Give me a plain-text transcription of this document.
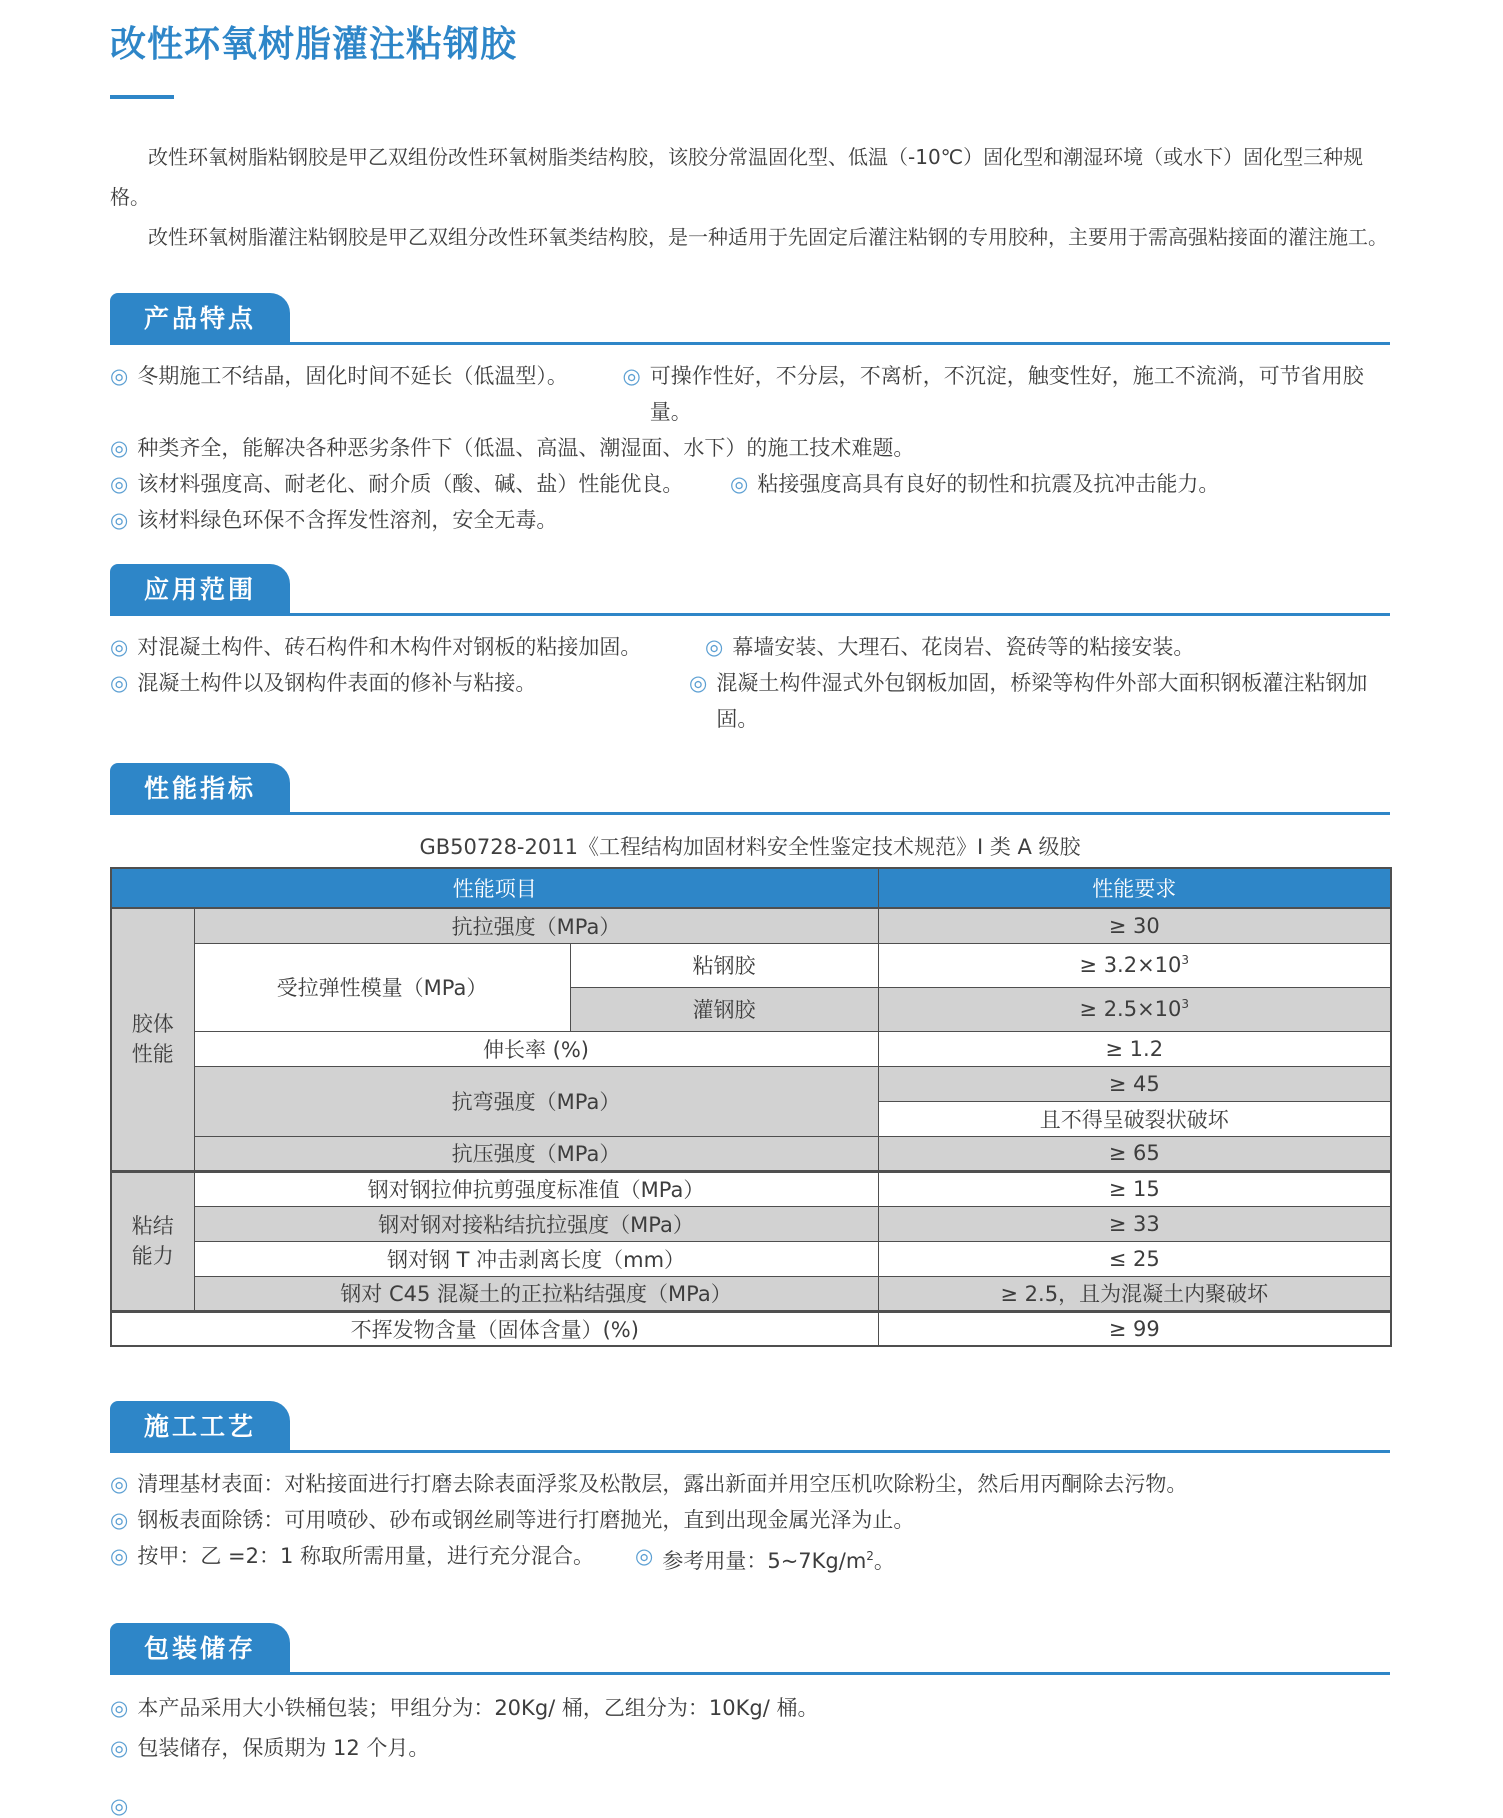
改性环氧树脂灌注粘钢胶

改性环氧树脂粘钢胶是甲乙双组份改性环氧树脂类结构胶，该胶分常温固化型、低温（-10℃）固化型和潮湿环境（或水下）固化型三种规格。

改性环氧树脂灌注粘钢胶是甲乙双组分改性环氧类结构胶，是一种适用于先固定后灌注粘钢的专用胶种，主要用于需高强粘接面的灌注施工。

产品特点
◎ 冬期施工不结晶，固化时间不延长（低温型）。	◎ 可操作性好，不分层，不离析，不沉淀，触变性好，施工不流淌，可节省用胶量。
◎ 种类齐全，能解决各种恶劣条件下（低温、高温、潮湿面、水下）的施工技术难题。
◎ 该材料强度高、耐老化、耐介质（酸、碱、盐）性能优良。 ◎ 粘接强度高具有良好的韧性和抗震及抗冲击能力。
◎ 该材料绿色环保不含挥发性溶剂，安全无毒。
应用范围
◎ 对混凝土构件、砖石构件和木构件对钢板的粘接加固。	◎ 幕墙安装、大理石、花岗岩、瓷砖等的粘接安装。
◎ 混凝土构件以及钢构件表面的修补与粘接。	◎ 混凝土构件湿式外包钢板加固，桥梁等构件外部大面积钢板灌注粘钢加固。
性能指标
GB50728-2011《工程结构加固材料安全性鉴定技术规范》I 类 A 级胶
性能项目			性能要求
胶体
性能	抗拉强度（MPa）		≥ 30
	受拉弹性模量（MPa）	粘钢胶	≥ $3.2\times 10^3$
		灌钢胶	≥ $2.5\times 10^3$
	伸长率 (%)		≥ 1.2
	抗弯强度（MPa）		≥ 45
			且不得呈破裂状破坏
	抗压强度（MPa）		≥ 65
粘结
能力	钢对钢拉伸抗剪强度标准值（MPa）		≥ 15
	钢对钢对接粘结抗拉强度（MPa）		≥ 33
	钢对钢 T 冲击剥离长度（mm）		≤ 25
	钢对 C45 混凝土的正拉粘结强度（MPa）		≥ 2.5，且为混凝土内聚破坏
不挥发物含量（固体含量）(%)			≥ 99
施工工艺
◎ 清理基材表面：对粘接面进行打磨去除表面浮浆及松散层，露出新面并用空压机吹除粉尘，然后用丙酮除去污物。
◎ 钢板表面除锈：可用喷砂、砂布或钢丝刷等进行打磨抛光，直到出现金属光泽为止。
◎ 按甲：乙 =2：1 称取所需用量，进行充分混合。 ◎ 参考用量：$5\sim 7Kg/m^2$。
包装储存
◎ 本产品采用大小铁桶包装；甲组分为：20Kg/ 桶，乙组分为：10Kg/ 桶。
◎ 包装储存，保质期为 12 个月。
◎
